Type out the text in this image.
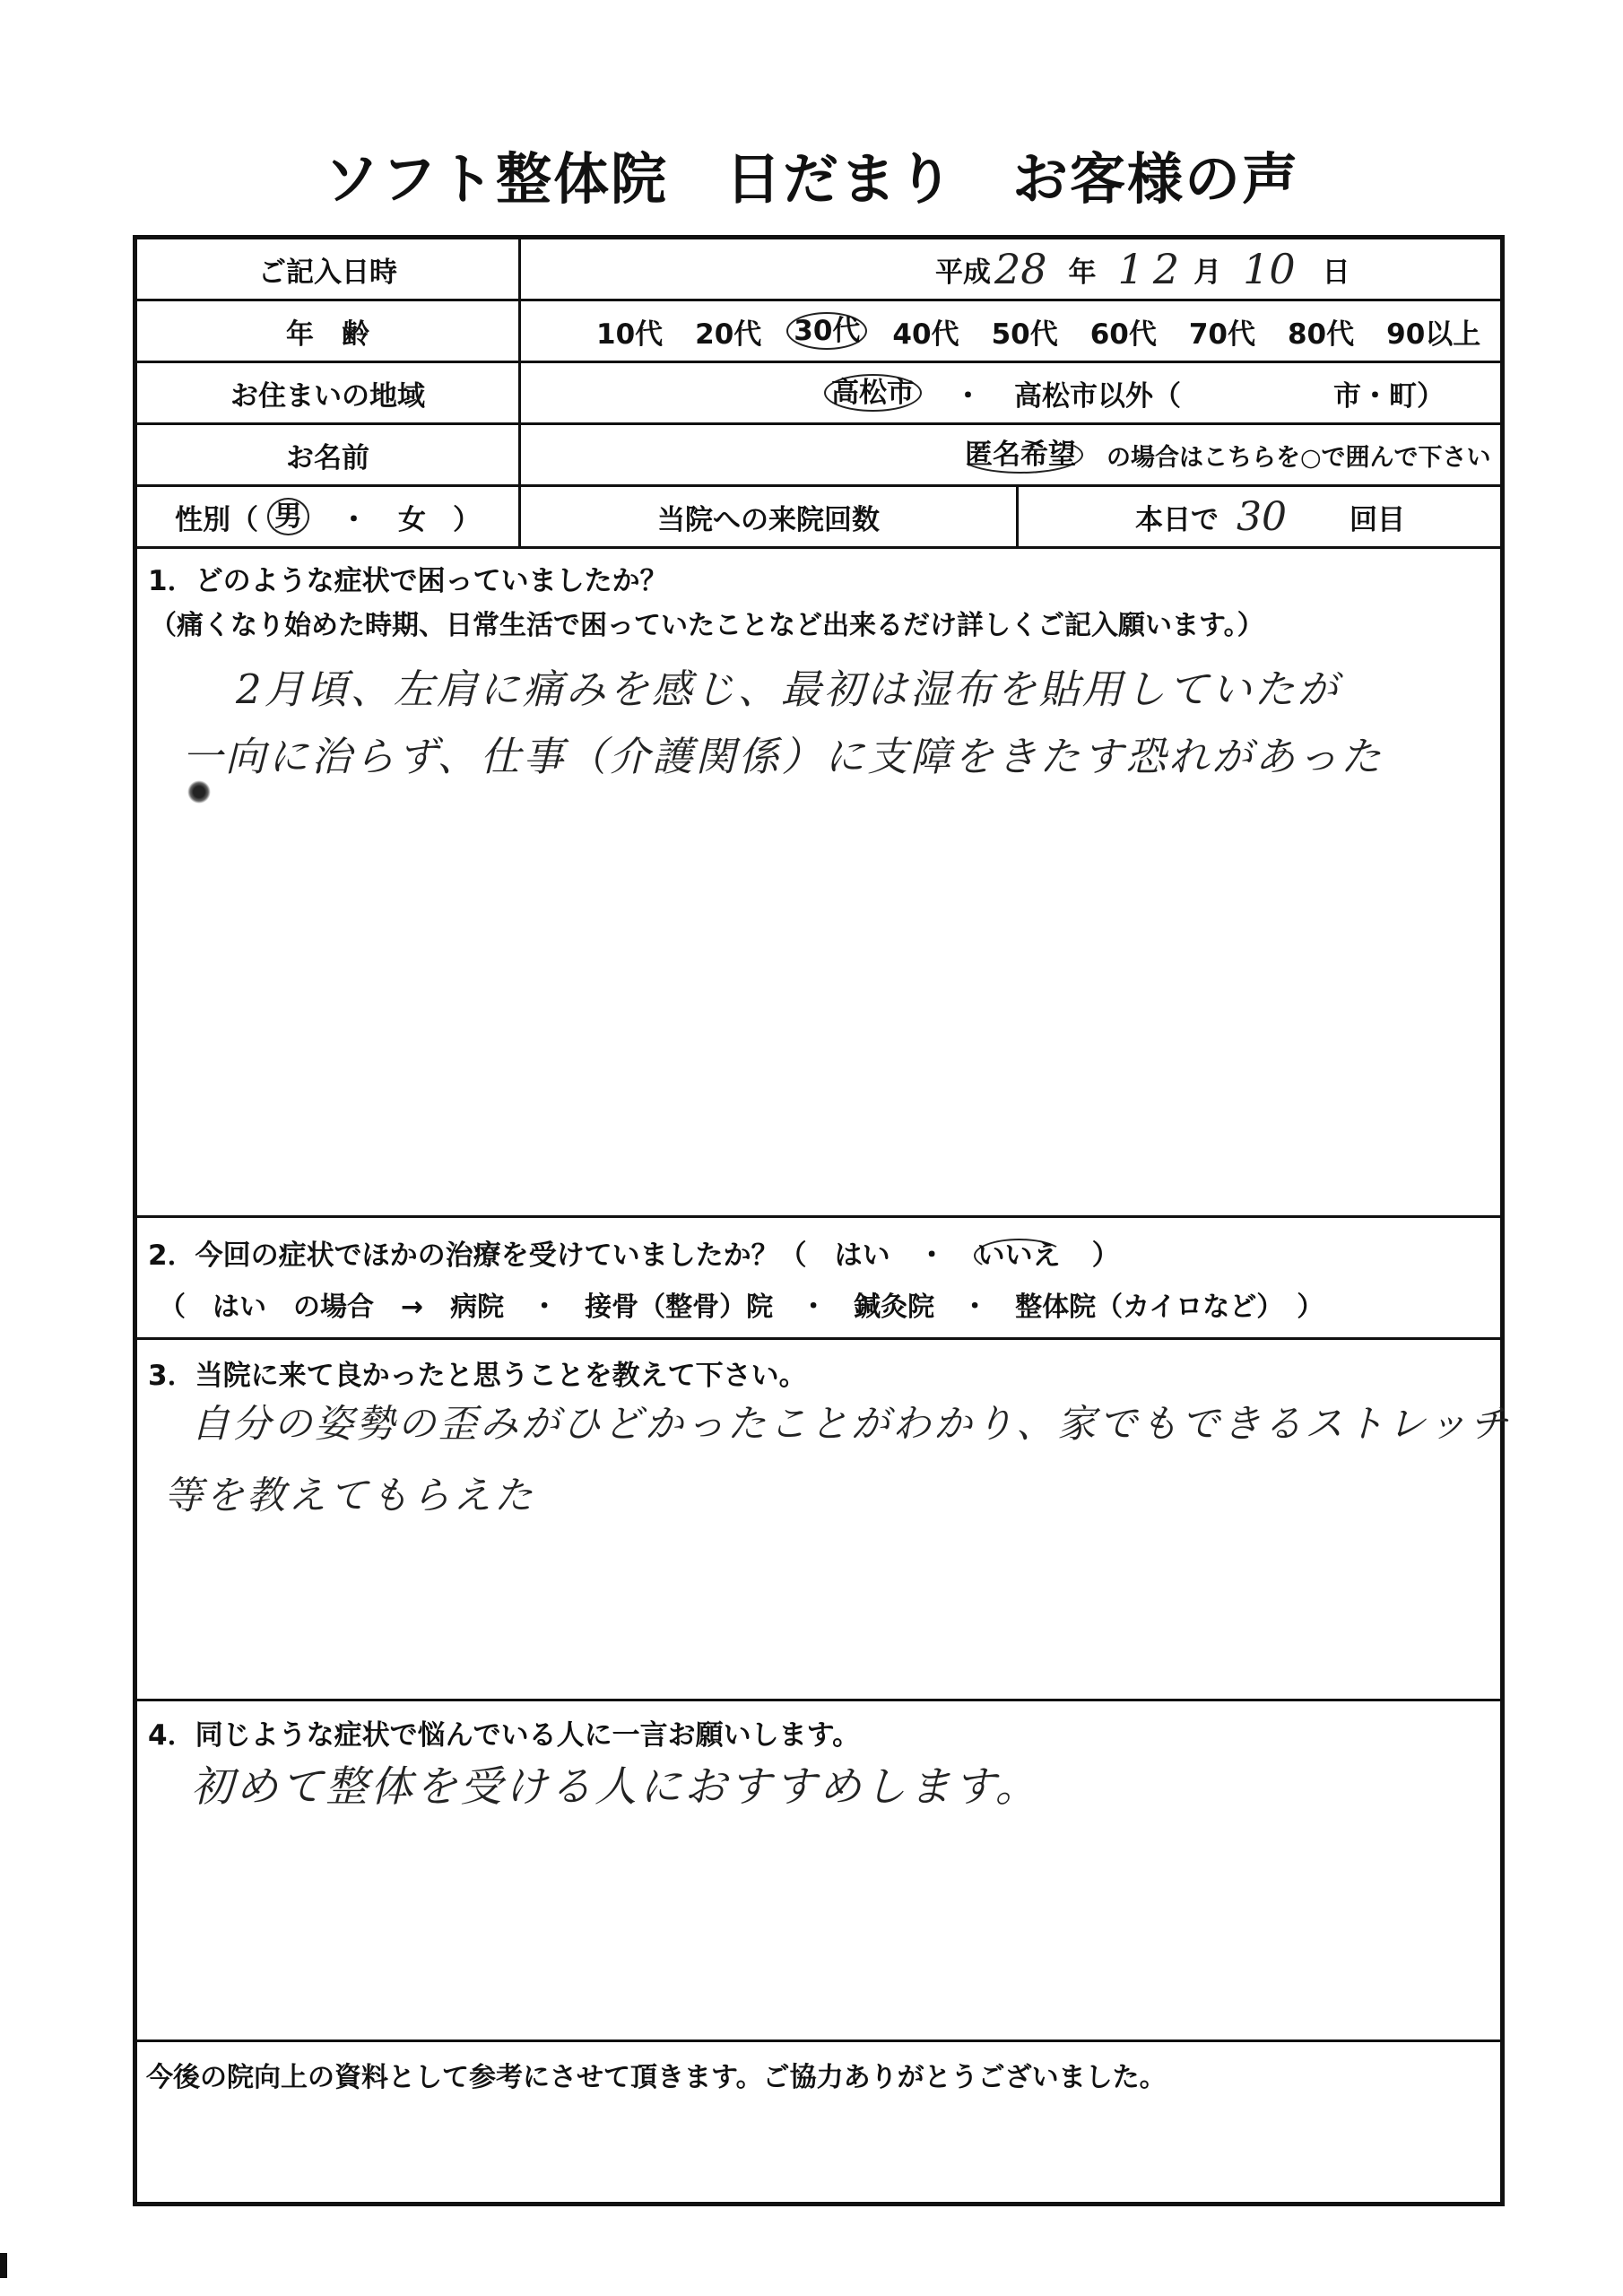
ソフト整体院　日だまり　お客様の声
ご記入日時	平成 28 年 12 月 10 日
年　齢	10代 20代 30代 40代 50代 60代 70代 80代 90以上
お住まいの地域	高松市 ・ 高松市以外（	市・町）
お名前	匿名希望 の場合はこちらを○で囲んで下さい
性別（ 男 ・ 女 ）	当院への来院回数	本日で 30 回目
1．どのような症状で困っていましたか？
（痛くなり始めた時期、日常生活で困っていたことなど出来るだけ詳しくご記入願います。）
2月頃、左肩に痛みを感じ、最初は湿布を貼用していたが
一向に治らず、仕事（介護関係）に支障をきたす恐れがあった
2．今回の症状でほかの治療を受けていましたか？（　はい　・　いいえ　）
（　はい　の場合　→　病院　・　接骨（整骨）院　・　鍼灸院　・　整体院（カイロなど）　）
3．当院に来て良かったと思うことを教えて下さい。
自分の姿勢の歪みがひどかったことがわかり、家でもできるストレッチ
等を教えてもらえた
4．同じような症状で悩んでいる人に一言お願いします。
初めて整体を受ける人におすすめします。
今後の院向上の資料として参考にさせて頂きます。ご協力ありがとうございました。
